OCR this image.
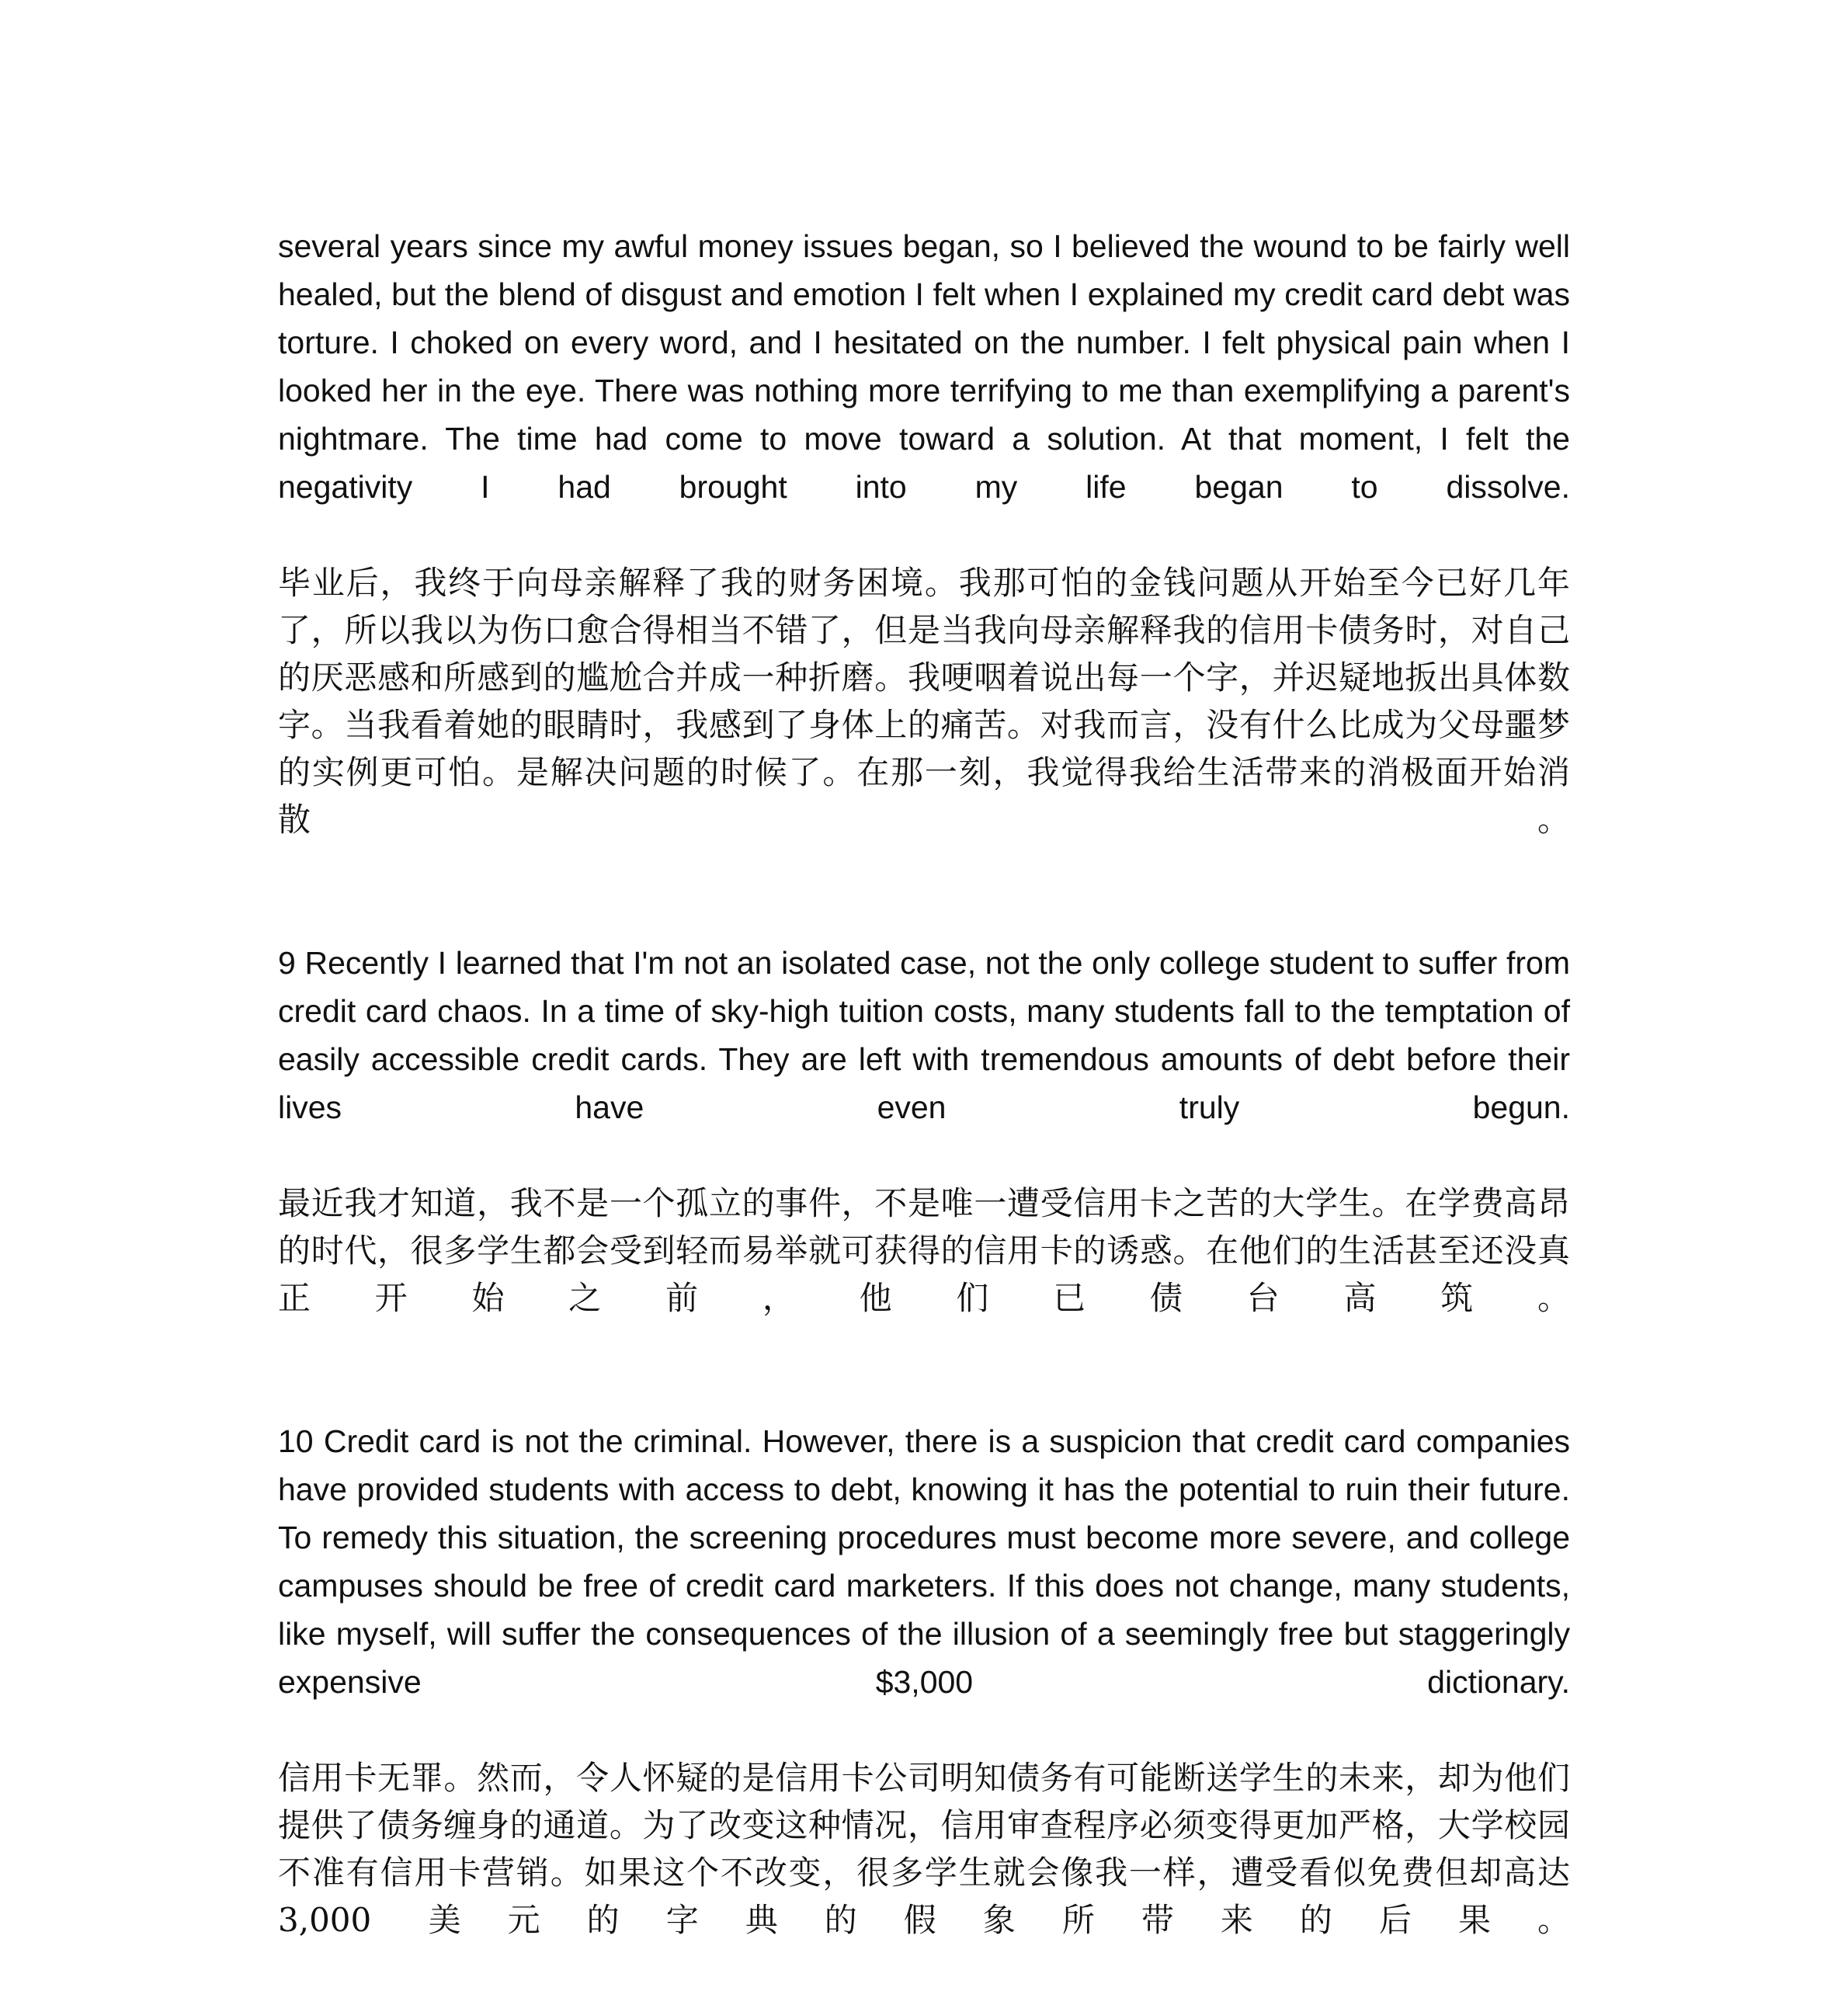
several years since my awful money issues began, so I believed the wound to be fairly well healed, but the blend of disgust and emotion I felt when I explained my credit card debt was torture. I choked on every word, and I hesitated on the number. I felt physical pain when I looked her in the eye. There was nothing more terrifying to me than exemplifying a parent's nightmare. The time had come to move toward a solution. At that moment, I felt the negativity I had brought into my life began to dissolve.

毕业后，我终于向母亲解释了我的财务困境。我那可怕的金钱问题从开始至今已好几年了，所以我以为伤口愈合得相当不错了，但是当我向母亲解释我的信用卡债务时，对自己的厌恶感和所感到的尴尬合并成一种折磨。我哽咽着说出每一个字，并迟疑地扳出具体数字。当我看着她的眼睛时，我感到了身体上的痛苦。对我而言，没有什么比成为父母噩梦的实例更可怕。是解决问题的时候了。在那一刻，我觉得我给生活带来的消极面开始消散。

9 Recently I learned that I'm not an isolated case, not the only college student to suffer from credit card chaos. In a time of sky-high tuition costs, many students fall to the temptation of easily accessible credit cards. They are left with tremendous amounts of debt before their lives have even truly begun.

最近我才知道，我不是一个孤立的事件，不是唯一遭受信用卡之苦的大学生。在学费高昂的时代，很多学生都会受到轻而易举就可获得的信用卡的诱惑。在他们的生活甚至还没真正开始之前，他们已债台高筑。

10 Credit card is not the criminal. However, there is a suspicion that credit card companies have provided students with access to debt, knowing it has the potential to ruin their future. To remedy this situation, the screening procedures must become more severe, and college campuses should be free of credit card marketers. If this does not change, many students, like myself, will suffer the consequences of the illusion of a seemingly free but staggeringly expensive $3,000 dictionary.

信用卡无罪。然而，令人怀疑的是信用卡公司明知债务有可能断送学生的未来，却为他们提供了债务缠身的通道。为了改变这种情况，信用审查程序必须变得更加严格，大学校园不准有信用卡营销。如果这个不改变，很多学生就会像我一样，遭受看似免费但却高达 3,000 美元的字典的假象所带来的后果。
